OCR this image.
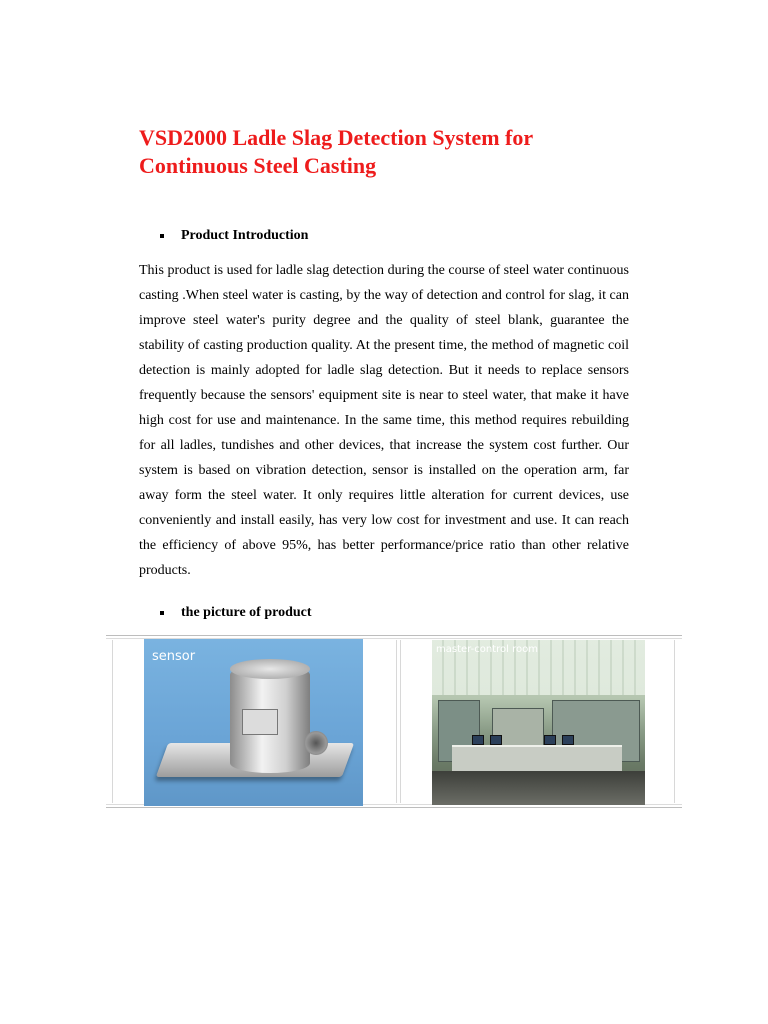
VSD2000 Ladle Slag Detection System for Continuous Steel Casting
Product Introduction

This product is used for ladle slag detection during the course of steel water continuous casting .When steel water is casting, by the way of detection and control for slag, it can improve steel water's purity degree and the quality of steel blank, guarantee the stability of casting production quality. At the present time, the method of magnetic coil detection is mainly adopted for ladle slag detection. But it needs to replace sensors frequently because the sensors' equipment site is near to steel water, that make it have high cost for use and maintenance. In the same time, this method requires rebuilding for all ladles, tundishes and other devices, that increase the system cost further. Our system is based on vibration detection, sensor is installed on the operation arm, far away form the steel water. It only requires little alteration for current devices, use conveniently and install easily, has very low cost for investment and use. It can reach the efficiency of above 95%, has better performance/price ratio than other relative products.

the picture of product
sensor	master-control room
